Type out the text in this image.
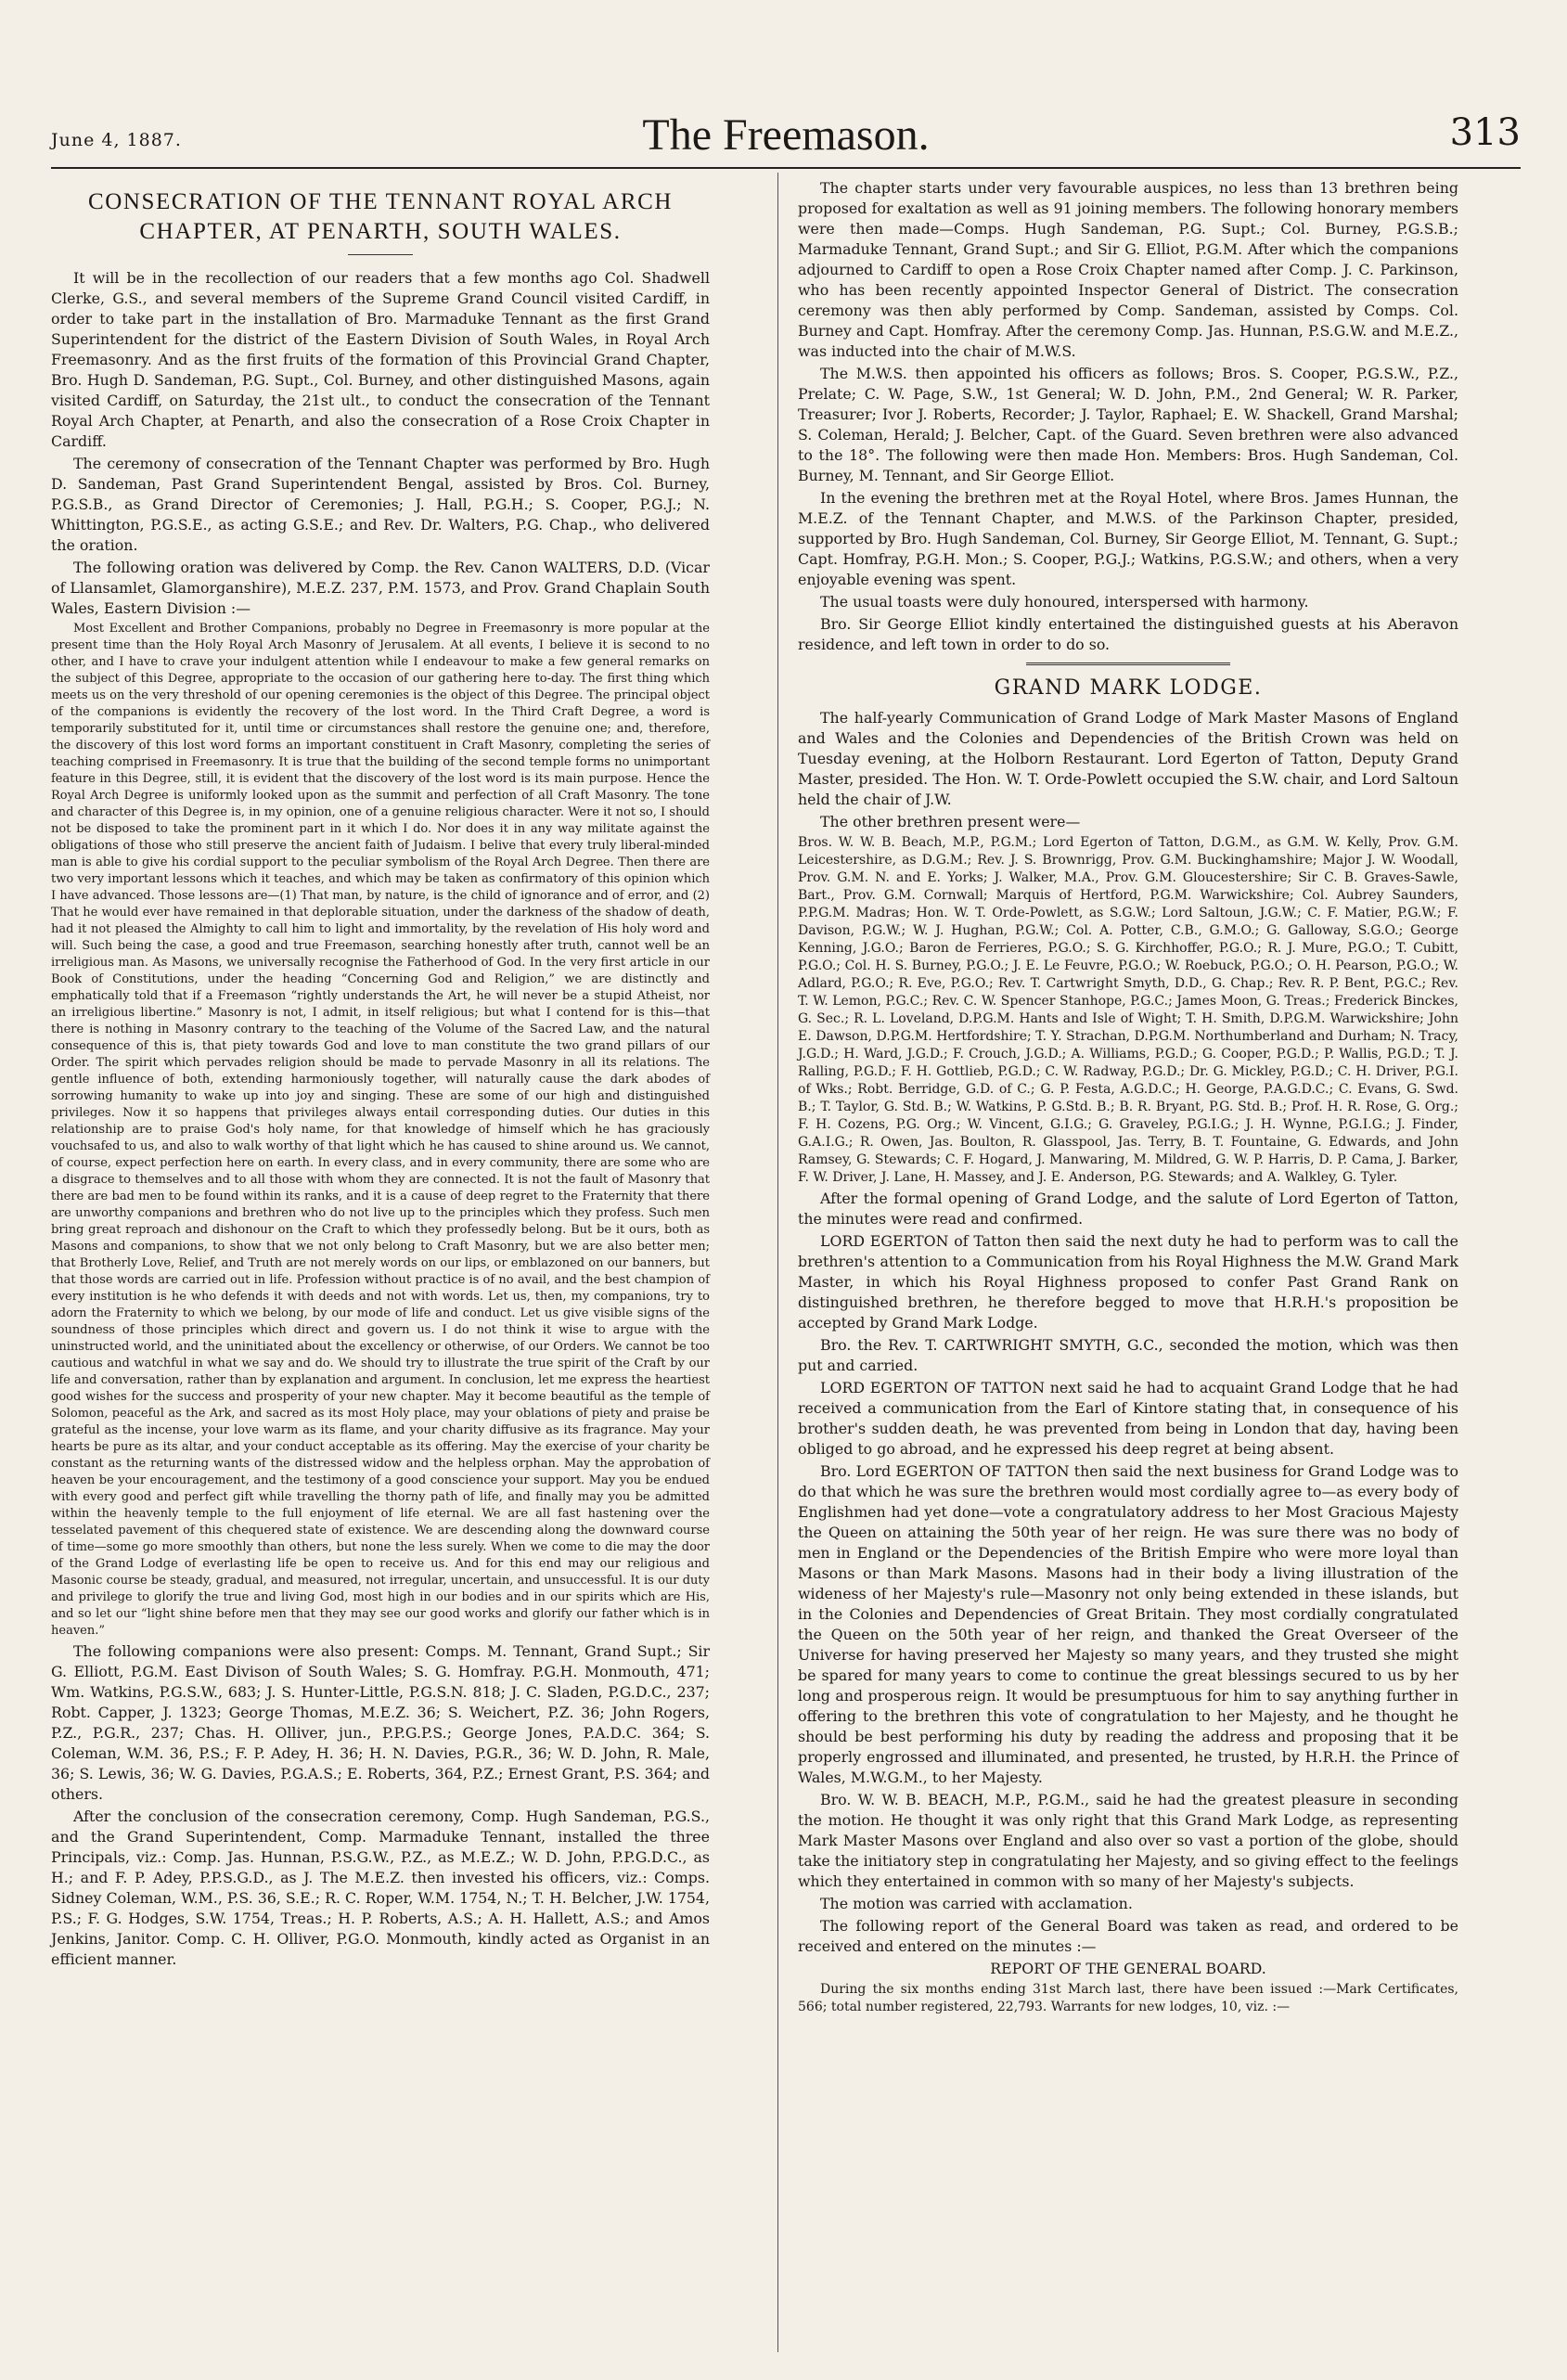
June 4, 1887.	The Freemason.	313
CONSECRATION OF THE TENNANT ROYAL ARCH CHAPTER, AT PENARTH, SOUTH WALES.

It will be in the recollection of our readers that a few months ago Col. Shadwell Clerke, G.S., and several members of the Supreme Grand Council visited Cardiff, in order to take part in the installation of Bro. Marmaduke Tennant as the first Grand Superintendent for the district of the Eastern Division of South Wales, in Royal Arch Freemasonry. And as the first fruits of the formation of this Provincial Grand Chapter, Bro. Hugh D. Sandeman, P.G. Supt., Col. Burney, and other distinguished Masons, again visited Cardiff, on Saturday, the 21st ult., to conduct the consecration of the Tennant Royal Arch Chapter, at Penarth, and also the consecration of a Rose Croix Chapter in Cardiff.

The ceremony of consecration of the Tennant Chapter was performed by Bro. Hugh D. Sandeman, Past Grand Superintendent Bengal, assisted by Bros. Col. Burney, P.G.S.B., as Grand Director of Ceremonies; J. Hall, P.G.H.; S. Cooper, P.G.J.; N. Whittington, P.G.S.E., as acting G.S.E.; and Rev. Dr. Walters, P.G. Chap., who delivered the oration.

The following oration was delivered by Comp. the Rev. Canon WALTERS, D.D. (Vicar of Llansamlet, Glamorganshire), M.E.Z. 237, P.M. 1573, and Prov. Grand Chaplain South Wales, Eastern Division :—

Most Excellent and Brother Companions, probably no Degree in Freemasonry is more popular at the present time than the Holy Royal Arch Masonry of Jerusalem. At all events, I believe it is second to no other, and I have to crave your indulgent attention while I endeavour to make a few general remarks on the subject of this Degree, appropriate to the occasion of our gathering here to-day. The first thing which meets us on the very threshold of our opening ceremonies is the object of this Degree. The principal object of the companions is evidently the recovery of the lost word. In the Third Craft Degree, a word is temporarily substituted for it, until time or circumstances shall restore the genuine one; and, therefore, the discovery of this lost word forms an important constituent in Craft Masonry, completing the series of teaching comprised in Freemasonry. It is true that the building of the second temple forms no unimportant feature in this Degree, still, it is evident that the discovery of the lost word is its main purpose. Hence the Royal Arch Degree is uniformly looked upon as the summit and perfection of all Craft Masonry. The tone and character of this Degree is, in my opinion, one of a genuine religious character. Were it not so, I should not be disposed to take the prominent part in it which I do. Nor does it in any way militate against the obligations of those who still preserve the ancient faith of Judaism. I belive that every truly liberal-minded man is able to give his cordial support to the peculiar symbolism of the Royal Arch Degree. Then there are two very important lessons which it teaches, and which may be taken as confirmatory of this opinion which I have advanced. Those lessons are—(1) That man, by nature, is the child of ignorance and of error, and (2) That he would ever have remained in that deplorable situation, under the darkness of the shadow of death, had it not pleased the Almighty to call him to light and immortality, by the revelation of His holy word and will. Such being the case, a good and true Freemason, searching honestly after truth, cannot well be an irreligious man. As Masons, we universally recognise the Fatherhood of God. In the very first article in our Book of Constitutions, under the heading “Concerning God and Religion,” we are distinctly and emphatically told that if a Freemason “rightly understands the Art, he will never be a stupid Atheist, nor an irreligious libertine.” Masonry is not, I admit, in itself religious; but what I contend for is this—that there is nothing in Masonry contrary to the teaching of the Volume of the Sacred Law, and the natural consequence of this is, that piety towards God and love to man constitute the two grand pillars of our Order. The spirit which pervades religion should be made to pervade Masonry in all its relations. The gentle influence of both, extending harmoniously together, will naturally cause the dark abodes of sorrowing humanity to wake up into joy and singing. These are some of our high and distinguished privileges. Now it so happens that privileges always entail corresponding duties. Our duties in this relationship are to praise God's holy name, for that knowledge of himself which he has graciously vouchsafed to us, and also to walk worthy of that light which he has caused to shine around us. We cannot, of course, expect perfection here on earth. In every class, and in every community, there are some who are a disgrace to themselves and to all those with whom they are connected. It is not the fault of Masonry that there are bad men to be found within its ranks, and it is a cause of deep regret to the Fraternity that there are unworthy companions and brethren who do not live up to the principles which they profess. Such men bring great reproach and dishonour on the Craft to which they professedly belong. But be it ours, both as Masons and companions, to show that we not only belong to Craft Masonry, but we are also better men; that Brotherly Love, Relief, and Truth are not merely words on our lips, or emblazoned on our banners, but that those words are carried out in life. Profession without practice is of no avail, and the best champion of every institution is he who defends it with deeds and not with words. Let us, then, my companions, try to adorn the Fraternity to which we belong, by our mode of life and conduct. Let us give visible signs of the soundness of those principles which direct and govern us. I do not think it wise to argue with the uninstructed world, and the uninitiated about the excellency or otherwise, of our Orders. We cannot be too cautious and watchful in what we say and do. We should try to illustrate the true spirit of the Craft by our life and conversation, rather than by explanation and argument. In conclusion, let me express the heartiest good wishes for the success and prosperity of your new chapter. May it become beautiful as the temple of Solomon, peaceful as the Ark, and sacred as its most Holy place, may your oblations of piety and praise be grateful as the incense, your love warm as its flame, and your charity diffusive as its fragrance. May your hearts be pure as its altar, and your conduct acceptable as its offering. May the exercise of your charity be constant as the returning wants of the distressed widow and the helpless orphan. May the approbation of heaven be your encouragement, and the testimony of a good conscience your support. May you be endued with every good and perfect gift while travelling the thorny path of life, and finally may you be admitted within the heavenly temple to the full enjoyment of life eternal. We are all fast hastening over the tesselated pavement of this chequered state of existence. We are descending along the downward course of time—some go more smoothly than others, but none the less surely. When we come to die may the door of the Grand Lodge of everlasting life be open to receive us. And for this end may our religious and Masonic course be steady, gradual, and measured, not irregular, uncertain, and unsuccessful. It is our duty and privilege to glorify the true and living God, most high in our bodies and in our spirits which are His, and so let our “light shine before men that they may see our good works and glorify our father which is in heaven.”

The following companions were also present: Comps. M. Tennant, Grand Supt.; Sir G. Elliott, P.G.M. East Divison of South Wales; S. G. Homfray. P.G.H. Monmouth, 471; Wm. Watkins, P.G.S.W., 683; J. S. Hunter-Little, P.G.S.N. 818; J. C. Sladen, P.G.D.C., 237; Robt. Capper, J. 1323; George Thomas, M.E.Z. 36; S. Weichert, P.Z. 36; John Rogers, P.Z., P.G.R., 237; Chas. H. Olliver, jun., P.P.G.P.S.; George Jones, P.A.D.C. 364; S. Coleman, W.M. 36, P.S.; F. P. Adey, H. 36; H. N. Davies, P.G.R., 36; W. D. John, R. Male, 36; S. Lewis, 36; W. G. Davies, P.G.A.S.; E. Roberts, 364, P.Z.; Ernest Grant, P.S. 364; and others.

After the conclusion of the consecration ceremony, Comp. Hugh Sandeman, P.G.S., and the Grand Superintendent, Comp. Marmaduke Tennant, installed the three Principals, viz.: Comp. Jas. Hunnan, P.S.G.W., P.Z., as M.E.Z.; W. D. John, P.P.G.D.C., as H.; and F. P. Adey, P.P.S.G.D., as J. The M.E.Z. then invested his officers, viz.: Comps. Sidney Coleman, W.M., P.S. 36, S.E.; R. C. Roper, W.M. 1754, N.; T. H. Belcher, J.W. 1754, P.S.; F. G. Hodges, S.W. 1754, Treas.; H. P. Roberts, A.S.; A. H. Hallett, A.S.; and Amos Jenkins, Janitor. Comp. C. H. Olliver, P.G.O. Monmouth, kindly acted as Organist in an efficient manner.

The chapter starts under very favourable auspices, no less than 13 brethren being proposed for exaltation as well as 91 joining members. The following honorary members were then made—Comps. Hugh Sandeman, P.G. Supt.; Col. Burney, P.G.S.B.; Marmaduke Tennant, Grand Supt.; and Sir G. Elliot, P.G.M. After which the companions adjourned to Cardiff to open a Rose Croix Chapter named after Comp. J. C. Parkinson, who has been recently appointed Inspector General of District. The consecration ceremony was then ably performed by Comp. Sandeman, assisted by Comps. Col. Burney and Capt. Homfray. After the ceremony Comp. Jas. Hunnan, P.S.G.W. and M.E.Z., was inducted into the chair of M.W.S.

The M.W.S. then appointed his officers as follows; Bros. S. Cooper, P.G.S.W., P.Z., Prelate; C. W. Page, S.W., 1st General; W. D. John, P.M., 2nd General; W. R. Parker, Treasurer; Ivor J. Roberts, Recorder; J. Taylor, Raphael; E. W. Shackell, Grand Marshal; S. Coleman, Herald; J. Belcher, Capt. of the Guard. Seven brethren were also advanced to the 18°. The following were then made Hon. Members: Bros. Hugh Sandeman, Col. Burney, M. Tennant, and Sir George Elliot.

In the evening the brethren met at the Royal Hotel, where Bros. James Hunnan, the M.E.Z. of the Tennant Chapter, and M.W.S. of the Parkinson Chapter, presided, supported by Bro. Hugh Sandeman, Col. Burney, Sir George Elliot, M. Tennant, G. Supt.; Capt. Homfray, P.G.H. Mon.; S. Cooper, P.G.J.; Watkins, P.G.S.W.; and others, when a very enjoyable evening was spent.

The usual toasts were duly honoured, interspersed with harmony.

Bro. Sir George Elliot kindly entertained the distinguished guests at his Aberavon residence, and left town in order to do so.

GRAND MARK LODGE.

The half-yearly Communication of Grand Lodge of Mark Master Masons of England and Wales and the Colonies and Dependencies of the British Crown was held on Tuesday evening, at the Holborn Restaurant. Lord Egerton of Tatton, Deputy Grand Master, presided. The Hon. W. T. Orde-Powlett occupied the S.W. chair, and Lord Saltoun held the chair of J.W.

The other brethren present were—

Bros. W. W. B. Beach, M.P., P.G.M.; Lord Egerton of Tatton, D.G.M., as G.M. W. Kelly, Prov. G.M. Leicestershire, as D.G.M.; Rev. J. S. Brownrigg, Prov. G.M. Buckinghamshire; Major J. W. Woodall, Prov. G.M. N. and E. Yorks; J. Walker, M.A., Prov. G.M. Gloucestershire; Sir C. B. Graves-Sawle, Bart., Prov. G.M. Cornwall; Marquis of Hertford, P.G.M. Warwickshire; Col. Aubrey Saunders, P.P.G.M. Madras; Hon. W. T. Orde-Powlett, as S.G.W.; Lord Saltoun, J.G.W.; C. F. Matier, P.G.W.; F. Davison, P.G.W.; W. J. Hughan, P.G.W.; Col. A. Potter, C.B., G.M.O.; G. Galloway, S.G.O.; George Kenning, J.G.O.; Baron de Ferrieres, P.G.O.; S. G. Kirchhoffer, P.G.O.; R. J. Mure, P.G.O.; T. Cubitt, P.G.O.; Col. H. S. Burney, P.G.O.; J. E. Le Feuvre, P.G.O.; W. Roebuck, P.G.O.; O. H. Pearson, P.G.O.; W. Adlard, P.G.O.; R. Eve, P.G.O.; Rev. T. Cartwright Smyth, D.D., G. Chap.; Rev. R. P. Bent, P.G.C.; Rev. T. W. Lemon, P.G.C.; Rev. C. W. Spencer Stanhope, P.G.C.; James Moon, G. Treas.; Frederick Binckes, G. Sec.; R. L. Loveland, D.P.G.M. Hants and Isle of Wight; T. H. Smith, D.P.G.M. Warwickshire; John E. Dawson, D.P.G.M. Hertfordshire; T. Y. Strachan, D.P.G.M. Northumberland and Durham; N. Tracy, J.G.D.; H. Ward, J.G.D.; F. Crouch, J.G.D.; A. Williams, P.G.D.; G. Cooper, P.G.D.; P. Wallis, P.G.D.; T. J. Ralling, P.G.D.; F. H. Gottlieb, P.G.D.; C. W. Radway, P.G.D.; Dr. G. Mickley, P.G.D.; C. H. Driver, P.G.I. of Wks.; Robt. Berridge, G.D. of C.; G. P. Festa, A.G.D.C.; H. George, P.A.G.D.C.; C. Evans, G. Swd. B.; T. Taylor, G. Std. B.; W. Watkins, P. G.Std. B.; B. R. Bryant, P.G. Std. B.; Prof. H. R. Rose, G. Org.; F. H. Cozens, P.G. Org.; W. Vincent, G.I.G.; G. Graveley, P.G.I.G.; J. H. Wynne, P.G.I.G.; J. Finder, G.A.I.G.; R. Owen, Jas. Boulton, R. Glasspool, Jas. Terry, B. T. Fountaine, G. Edwards, and John Ramsey, G. Stewards; C. F. Hogard, J. Manwaring, M. Mildred, G. W. P. Harris, D. P. Cama, J. Barker, F. W. Driver, J. Lane, H. Massey, and J. E. Anderson, P.G. Stewards; and A. Walkley, G. Tyler.

After the formal opening of Grand Lodge, and the salute of Lord Egerton of Tatton, the minutes were read and confirmed.

LORD EGERTON of Tatton then said the next duty he had to perform was to call the brethren's attention to a Communication from his Royal Highness the M.W. Grand Mark Master, in which his Royal Highness proposed to confer Past Grand Rank on distinguished brethren, he therefore begged to move that H.R.H.'s proposition be accepted by Grand Mark Lodge.

Bro. the Rev. T. CARTWRIGHT SMYTH, G.C., seconded the motion, which was then put and carried.

LORD EGERTON OF TATTON next said he had to acquaint Grand Lodge that he had received a communication from the Earl of Kintore stating that, in consequence of his brother's sudden death, he was prevented from being in London that day, having been obliged to go abroad, and he expressed his deep regret at being absent.

Bro. Lord EGERTON OF TATTON then said the next business for Grand Lodge was to do that which he was sure the brethren would most cordially agree to—as every body of Englishmen had yet done—vote a congratulatory address to her Most Gracious Majesty the Queen on attaining the 50th year of her reign. He was sure there was no body of men in England or the Dependencies of the British Empire who were more loyal than Masons or than Mark Masons. Masons had in their body a living illustration of the wideness of her Majesty's rule—Masonry not only being extended in these islands, but in the Colonies and Dependencies of Great Britain. They most cordially congratulated the Queen on the 50th year of her reign, and thanked the Great Overseer of the Universe for having preserved her Majesty so many years, and they trusted she might be spared for many years to come to continue the great blessings secured to us by her long and prosperous reign. It would be presumptuous for him to say anything further in offering to the brethren this vote of congratulation to her Majesty, and he thought he should be best performing his duty by reading the address and proposing that it be properly engrossed and illuminated, and presented, he trusted, by H.R.H. the Prince of Wales, M.W.G.M., to her Majesty.

Bro. W. W. B. BEACH, M.P., P.G.M., said he had the greatest pleasure in seconding the motion. He thought it was only right that this Grand Mark Lodge, as representing Mark Master Masons over England and also over so vast a portion of the globe, should take the initiatory step in congratulating her Majesty, and so giving effect to the feelings which they entertained in common with so many of her Majesty's subjects.

The motion was carried with acclamation.

The following report of the General Board was taken as read, and ordered to be received and entered on the minutes :—

REPORT OF THE GENERAL BOARD.

During the six months ending 31st March last, there have been issued :—Mark Certificates, 566; total number registered, 22,793. Warrants for new lodges, 10, viz. :—
